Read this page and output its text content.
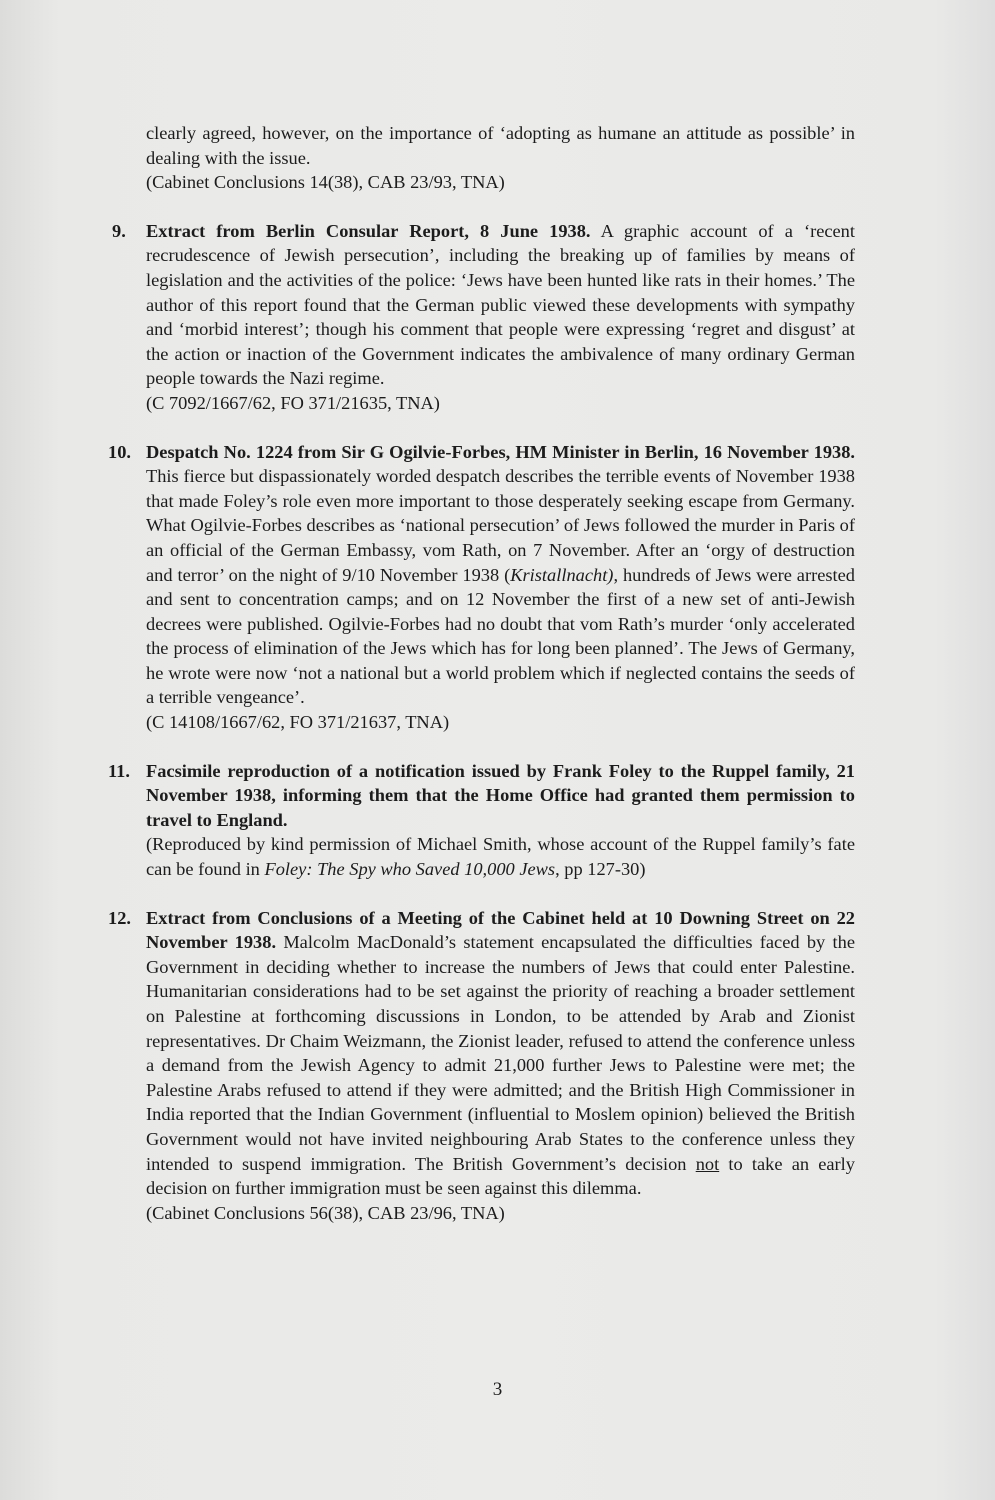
clearly agreed, however, on the importance of ‘adopting as humane an attitude as possible’ in dealing with the issue.

(Cabinet Conclusions 14(38), CAB 23/93, TNA)

9. Extract from Berlin Consular Report, 8 June 1938. A graphic account of a ‘recent recrudescence of Jewish persecution’, including the breaking up of families by means of legislation and the activities of the police: ‘Jews have been hunted like rats in their homes.’ The author of this report found that the German public viewed these developments with sympathy and ‘morbid interest’; though his comment that people were expressing ‘regret and disgust’ at the action or inaction of the Government indicates the ambivalence of many ordinary German people towards the Nazi regime.

(C 7092/1667/62, FO 371/21635, TNA)

10. Despatch No. 1224 from Sir G Ogilvie-Forbes, HM Minister in Berlin, 16 November 1938. This fierce but dispassionately worded despatch describes the terrible events of November 1938 that made Foley’s role even more important to those desperately seeking escape from Germany. What Ogilvie-Forbes describes as ‘national persecution’ of Jews followed the murder in Paris of an official of the German Embassy, vom Rath, on 7 November. After an ‘orgy of destruction and terror’ on the night of 9/10 November 1938 (Kristallnacht), hundreds of Jews were arrested and sent to concentration camps; and on 12 November the first of a new set of anti-Jewish decrees were published. Ogilvie-Forbes had no doubt that vom Rath’s murder ‘only accelerated the process of elimination of the Jews which has for long been planned’. The Jews of Germany, he wrote were now ‘not a national but a world problem which if neglected contains the seeds of a terrible vengeance’.

(C 14108/1667/62, FO 371/21637, TNA)

11. Facsimile reproduction of a notification issued by Frank Foley to the Ruppel family, 21 November 1938, informing them that the Home Office had granted them permission to travel to England.

(Reproduced by kind permission of Michael Smith, whose account of the Ruppel family’s fate can be found in Foley: The Spy who Saved 10,000 Jews, pp 127-30)

12. Extract from Conclusions of a Meeting of the Cabinet held at 10 Downing Street on 22 November 1938. Malcolm MacDonald’s statement encapsulated the difficulties faced by the Government in deciding whether to increase the numbers of Jews that could enter Palestine. Humanitarian considerations had to be set against the priority of reaching a broader settlement on Palestine at forthcoming discussions in London, to be attended by Arab and Zionist representatives. Dr Chaim Weizmann, the Zionist leader, refused to attend the conference unless a demand from the Jewish Agency to admit 21,000 further Jews to Palestine were met; the Palestine Arabs refused to attend if they were admitted; and the British High Commissioner in India reported that the Indian Government (influential to Moslem opinion) believed the British Government would not have invited neighbouring Arab States to the conference unless they intended to suspend immigration. The British Government’s decision not to take an early decision on further immigration must be seen against this dilemma.

(Cabinet Conclusions 56(38), CAB 23/96, TNA)

3
